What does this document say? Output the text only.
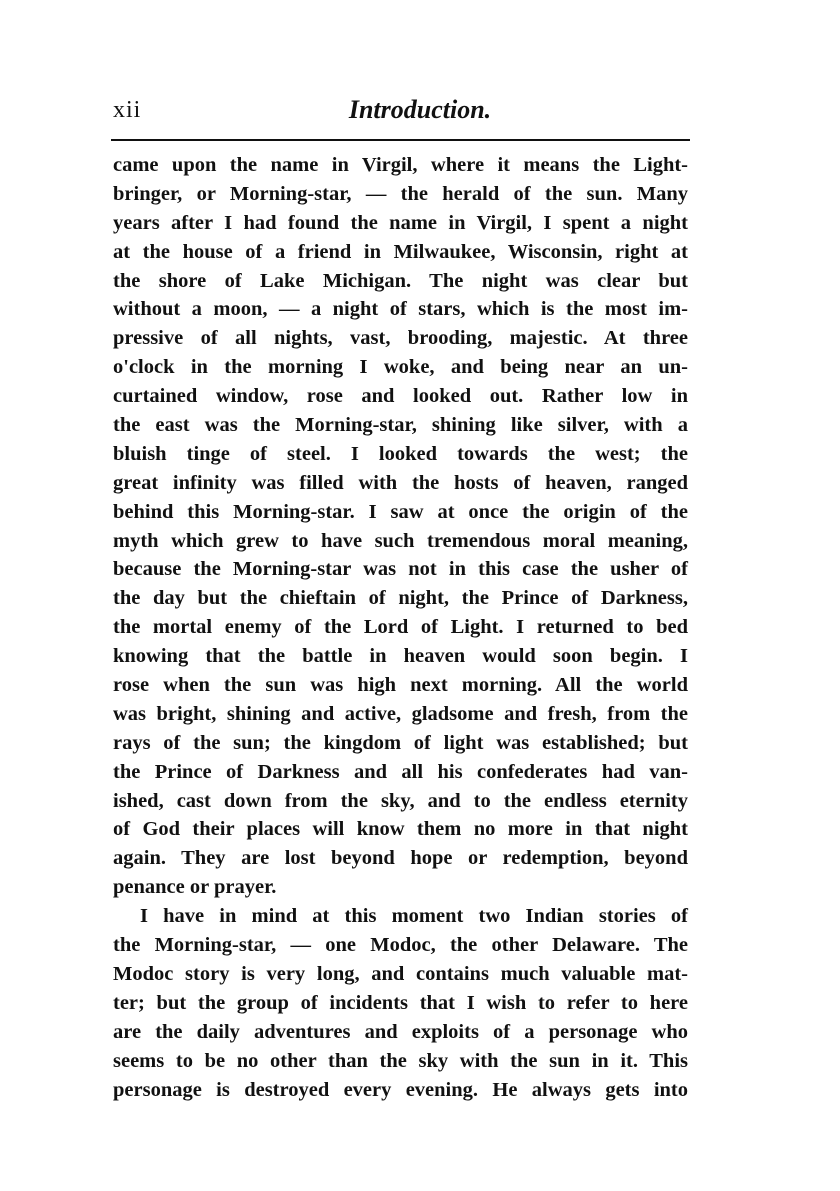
xii	Introduction.
came upon the name in Virgil, where it means the Light-
bringer, or Morning-star, — the herald of the sun. Many
years after I had found the name in Virgil, I spent a night
at the house of a friend in Milwaukee, Wisconsin, right at
the shore of Lake Michigan. The night was clear but
without a moon, — a night of stars, which is the most im-
pressive of all nights, vast, brooding, majestic. At three
o'clock in the morning I woke, and being near an un-
curtained window, rose and looked out. Rather low in
the east was the Morning-star, shining like silver, with a
bluish tinge of steel. I looked towards the west; the
great infinity was filled with the hosts of heaven, ranged
behind this Morning-star. I saw at once the origin of the
myth which grew to have such tremendous moral meaning,
because the Morning-star was not in this case the usher of
the day but the chieftain of night, the Prince of Darkness,
the mortal enemy of the Lord of Light. I returned to bed
knowing that the battle in heaven would soon begin. I
rose when the sun was high next morning. All the world
was bright, shining and active, gladsome and fresh, from the
rays of the sun; the kingdom of light was established; but
the Prince of Darkness and all his confederates had van-
ished, cast down from the sky, and to the endless eternity
of God their places will know them no more in that night
again. They are lost beyond hope or redemption, beyond
penance or prayer.
I have in mind at this moment two Indian stories of
the Morning-star, — one Modoc, the other Delaware. The
Modoc story is very long, and contains much valuable mat-
ter; but the group of incidents that I wish to refer to here
are the daily adventures and exploits of a personage who
seems to be no other than the sky with the sun in it. This
personage is destroyed every evening. He always gets into
